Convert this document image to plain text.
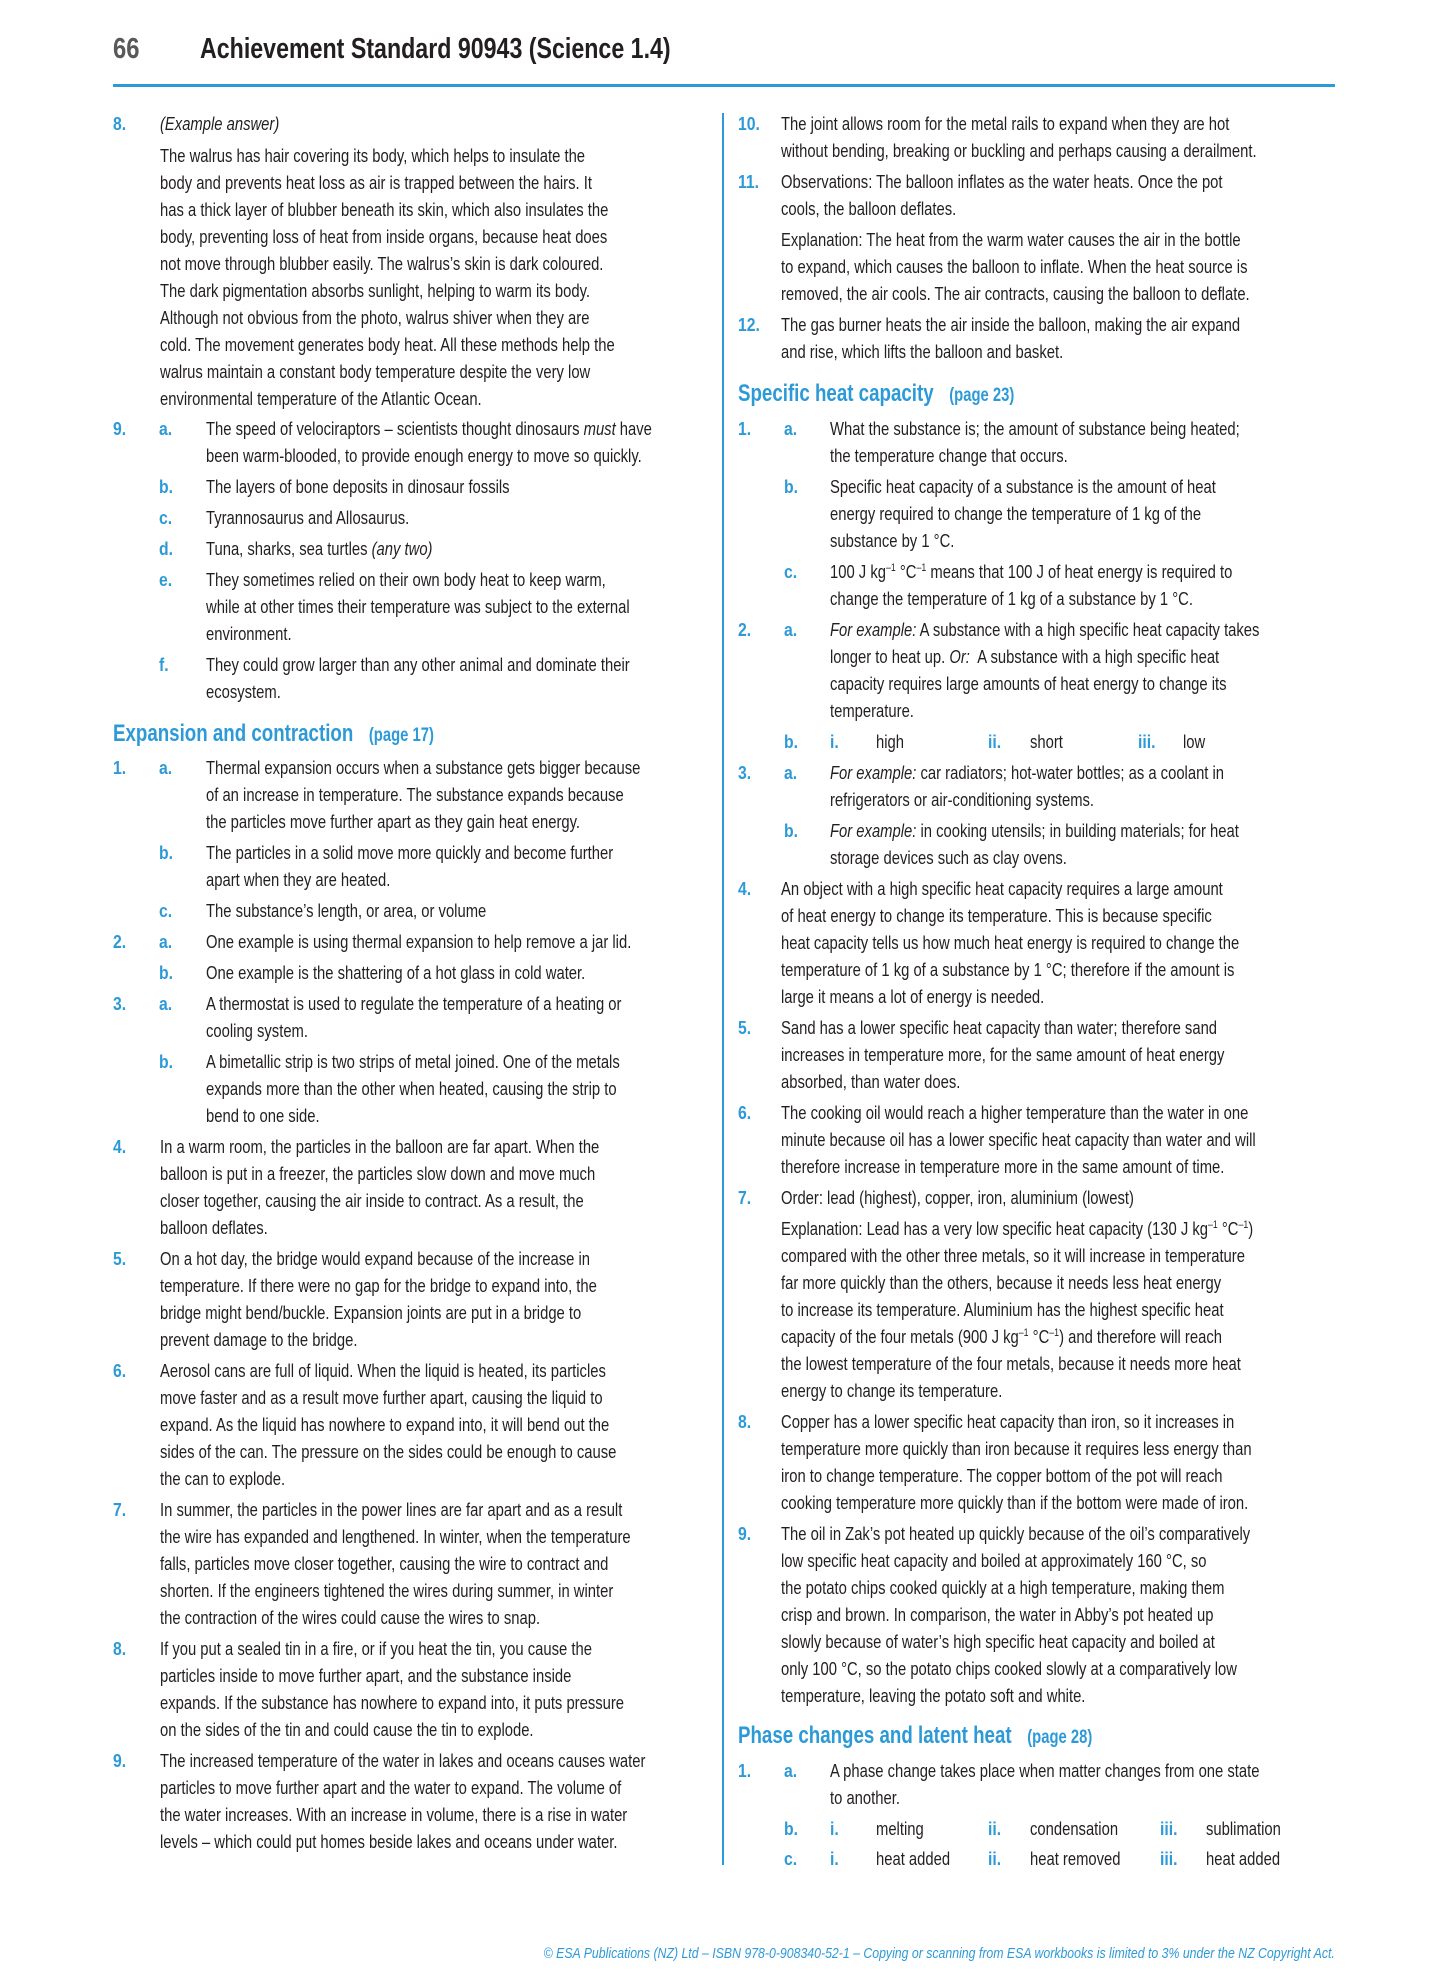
66 Achievement Standard 90943 (Science 1.4)
8. (Example answer)
The walrus has hair covering its body, which helps to insulate the
body and prevents heat loss as air is trapped between the hairs. It
has a thick layer of blubber beneath its skin, which also insulates the
body, preventing loss of heat from inside organs, because heat does
not move through blubber easily. The walrus’s skin is dark coloured.
The dark pigmentation absorbs sunlight, helping to warm its body.
Although not obvious from the photo, walrus shiver when they are
cold. The movement generates body heat. All these methods help the
walrus maintain a constant body temperature despite the very low
environmental temperature of the Atlantic Ocean.
9. a. The speed of velociraptors – scientists thought dinosaurs must have
been warm-blooded, to provide enough energy to move so quickly.
b. The layers of bone deposits in dinosaur fossils
c. Tyrannosaurus and Allosaurus.
d. Tuna, sharks, sea turtles (any two)
e. They sometimes relied on their own body heat to keep warm,
while at other times their temperature was subject to the external
environment.
f. They could grow larger than any other animal and dominate their
ecosystem.
Expansion and contraction (page 17)
1. a. Thermal expansion occurs when a substance gets bigger because
of an increase in temperature. The substance expands because
the particles move further apart as they gain heat energy.
b. The particles in a solid move more quickly and become further
apart when they are heated.
c. The substance’s length, or area, or volume
2. a. One example is using thermal expansion to help remove a jar lid.
b. One example is the shattering of a hot glass in cold water.
3. a. A thermostat is used to regulate the temperature of a heating or
cooling system.
b. A bimetallic strip is two strips of metal joined. One of the metals
expands more than the other when heated, causing the strip to
bend to one side.
4. In a warm room, the particles in the balloon are far apart. When the
balloon is put in a freezer, the particles slow down and move much
closer together, causing the air inside to contract. As a result, the
balloon deflates.
5. On a hot day, the bridge would expand because of the increase in
temperature. If there were no gap for the bridge to expand into, the
bridge might bend/buckle. Expansion joints are put in a bridge to
prevent damage to the bridge.
6. Aerosol cans are full of liquid. When the liquid is heated, its particles
move faster and as a result move further apart, causing the liquid to
expand. As the liquid has nowhere to expand into, it will bend out the
sides of the can. The pressure on the sides could be enough to cause
the can to explode.
7. In summer, the particles in the power lines are far apart and as a result
the wire has expanded and lengthened. In winter, when the temperature
falls, particles move closer together, causing the wire to contract and
shorten. If the engineers tightened the wires during summer, in winter
the contraction of the wires could cause the wires to snap.
8. If you put a sealed tin in a fire, or if you heat the tin, you cause the
particles inside to move further apart, and the substance inside
expands. If the substance has nowhere to expand into, it puts pressure
on the sides of the tin and could cause the tin to explode.
9. The increased temperature of the water in lakes and oceans causes water
particles to move further apart and the water to expand. The volume of
the water increases. With an increase in volume, there is a rise in water
levels – which could put homes beside lakes and oceans under water.
10. The joint allows room for the metal rails to expand when they are hot
without bending, breaking or buckling and perhaps causing a derailment.
11. Observations: The balloon inflates as the water heats. Once the pot
cools, the balloon deflates.
Explanation: The heat from the warm water causes the air in the bottle
to expand, which causes the balloon to inflate. When the heat source is
removed, the air cools. The air contracts, causing the balloon to deflate.
12. The gas burner heats the air inside the balloon, making the air expand
and rise, which lifts the balloon and basket.
Specific heat capacity (page 23)
1. a. What the substance is; the amount of substance being heated;
the temperature change that occurs.
b. Specific heat capacity of a substance is the amount of heat
energy required to change the temperature of 1 kg of the
substance by 1 °C.
c. 100 J $kg^{-1}$ $^\circ C^{-1}$ means that 100 J of heat energy is required to
change the temperature of 1 kg of a substance by 1 °C.
2. a. For example: A substance with a high specific heat capacity takes
longer to heat up. Or:  A substance with a high specific heat
capacity requires large amounts of heat energy to change its
temperature.
b. i. high	ii. short	iii. low
3. a. For example: car radiators; hot-water bottles; as a coolant in
refrigerators or air-conditioning systems.
b. For example: in cooking utensils; in building materials; for heat
storage devices such as clay ovens.
4. An object with a high specific heat capacity requires a large amount
of heat energy to change its temperature. This is because specific
heat capacity tells us how much heat energy is required to change the
temperature of 1 kg of a substance by 1 °C; therefore if the amount is
large it means a lot of energy is needed.
5. Sand has a lower specific heat capacity than water; therefore sand
increases in temperature more, for the same amount of heat energy
absorbed, than water does.
6. The cooking oil would reach a higher temperature than the water in one
minute because oil has a lower specific heat capacity than water and will
therefore increase in temperature more in the same amount of time.
7. Order: lead (highest), copper, iron, aluminium (lowest)
Explanation: Lead has a very low specific heat capacity (130 J $kg^{-1}$ $^\circ C^{-1}$)
compared with the other three metals, so it will increase in temperature
far more quickly than the others, because it needs less heat energy
to increase its temperature. Aluminium has the highest specific heat
capacity of the four metals (900 J $kg^{-1}$ $^\circ C^{-1}$) and therefore will reach
the lowest temperature of the four metals, because it needs more heat
energy to change its temperature.
8. Copper has a lower specific heat capacity than iron, so it increases in
temperature more quickly than iron because it requires less energy than
iron to change temperature. The copper bottom of the pot will reach
cooking temperature more quickly than if the bottom were made of iron.
9. The oil in Zak’s pot heated up quickly because of the oil’s comparatively
low specific heat capacity and boiled at approximately 160 °C, so
the potato chips cooked quickly at a high temperature, making them
crisp and brown. In comparison, the water in Abby’s pot heated up
slowly because of water’s high specific heat capacity and boiled at
only 100 °C, so the potato chips cooked slowly at a comparatively low
temperature, leaving the potato soft and white.
Phase changes and latent heat (page 28)
1. a. A phase change takes place when matter changes from one state
to another.
b. i. melting	ii. condensation iii. sublimation
c. i. heat added ii. heat removed iii. heat added
© ESA Publications (NZ) Ltd – ISBN 978-0-908340-52-1 – Copying or scanning from ESA workbooks is limited to 3% under the NZ Copyright Act.
